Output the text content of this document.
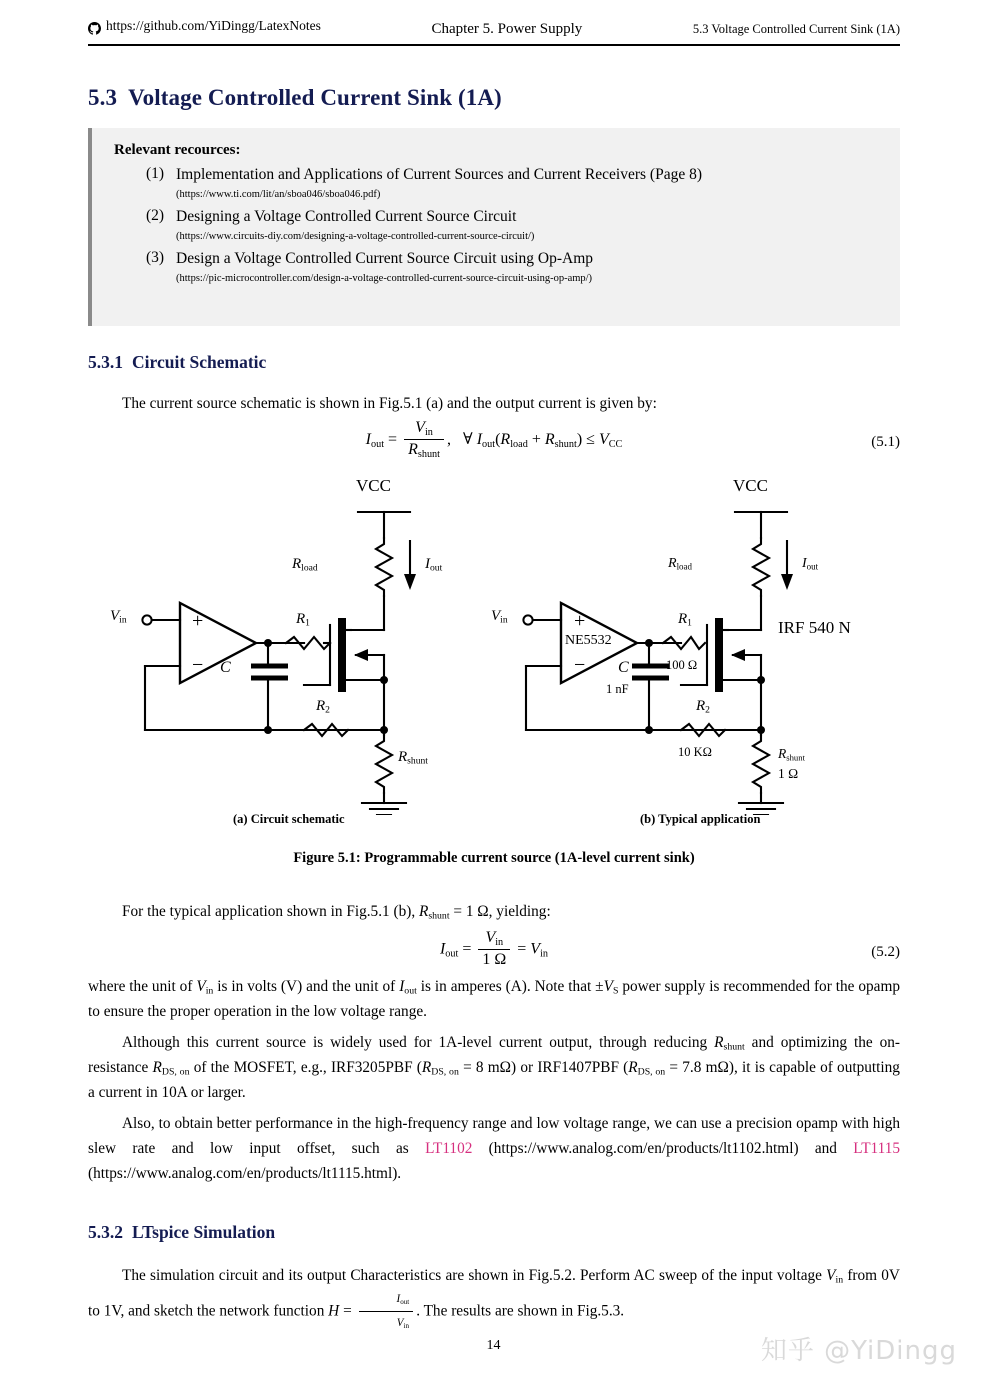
https://github.com/YiDingg/LatexNotes	Chapter 5. Power Supply	5.3 Voltage Controlled Current Sink (1A)
5.3 Voltage Controlled Current Sink (1A)
Relevant recources:
(1) Implementation and Applications of Current Sources and Current Receivers (Page 8)
(https://www.ti.com/lit/an/sboa046/sboa046.pdf)
(2) Designing a Voltage Controlled Current Source Circuit
(https://www.circuits-diy.com/designing-a-voltage-controlled-current-source-circuit/)
(3) Design a Voltage Controlled Current Source Circuit using Op-Amp
(https://pic-microcontroller.com/design-a-voltage-controlled-current-source-circuit-using-op-amp/)
5.3.1 Circuit Schematic
The current source schematic is shown in Fig.5.1 (a) and the output current is given by:
$I_{out} = \frac{V_{in}}{R_{shunt}}$ , ∀ $I_{out}(R_{load} + R_{shunt}) \le V_{CC}$	(5.1)
VCC
$R_{load}$	$I_{out}$
$V_{in}$	+
− C
$R_1$
$R_2$
$R_{shunt}$
VCC
$R_{load}$	$I_{out}$
$V_{in}$	+
−
NE5532
IRF 540 N
C
1 nF
$R_1$
100 Ω
$R_2$
10 KΩ	$R_{shunt}$
1 Ω
(a) Circuit schematic	(b) Typical application
Figure 5.1: Programmable current source (1A-level current sink)
For the typical application shown in Fig.5.1 (b), $R_{shunt} = 1$ Ω, yielding:
$I_{out} = \frac{V_{in}}{1 \Omega} = V_{in}$	(5.2)
where the unit of $V_{in}$ is in volts (V) and the unit of $I_{out}$ is in amperes (A). Note that $\pm V_S$ power supply is recommended for the opamp to ensure the proper operation in the low voltage range.
Although this current source is widely used for 1A-level current output, through reducing $R_{shunt}$ and optimizing the on-resistance $R_{DS, on}$ of the MOSFET, e.g., IRF3205PBF ($R_{DS, on} = 8$ mΩ) or IRF1407PBF ($R_{DS, on} = 7.8$ mΩ), it is capable of outputting a current in 10A or larger.
Also, to obtain better performance in the high-frequency range and low voltage range, we can use a precision opamp with high slew rate and low input offset, such as LT1102 (https://www.analog.com/en/products/lt1102.html) and LT1115 (https://www.analog.com/en/products/lt1115.html).
5.3.2 LTspice Simulation
The simulation circuit and its output Characteristics are shown in Fig.5.2. Perform AC sweep of the input voltage $V_{in}$ from 0V to 1V, and sketch the network function $H = \frac{I_{out}}{V_{in}}$ . The results are shown in Fig.5.3.
14	知乎 @YiDingg
